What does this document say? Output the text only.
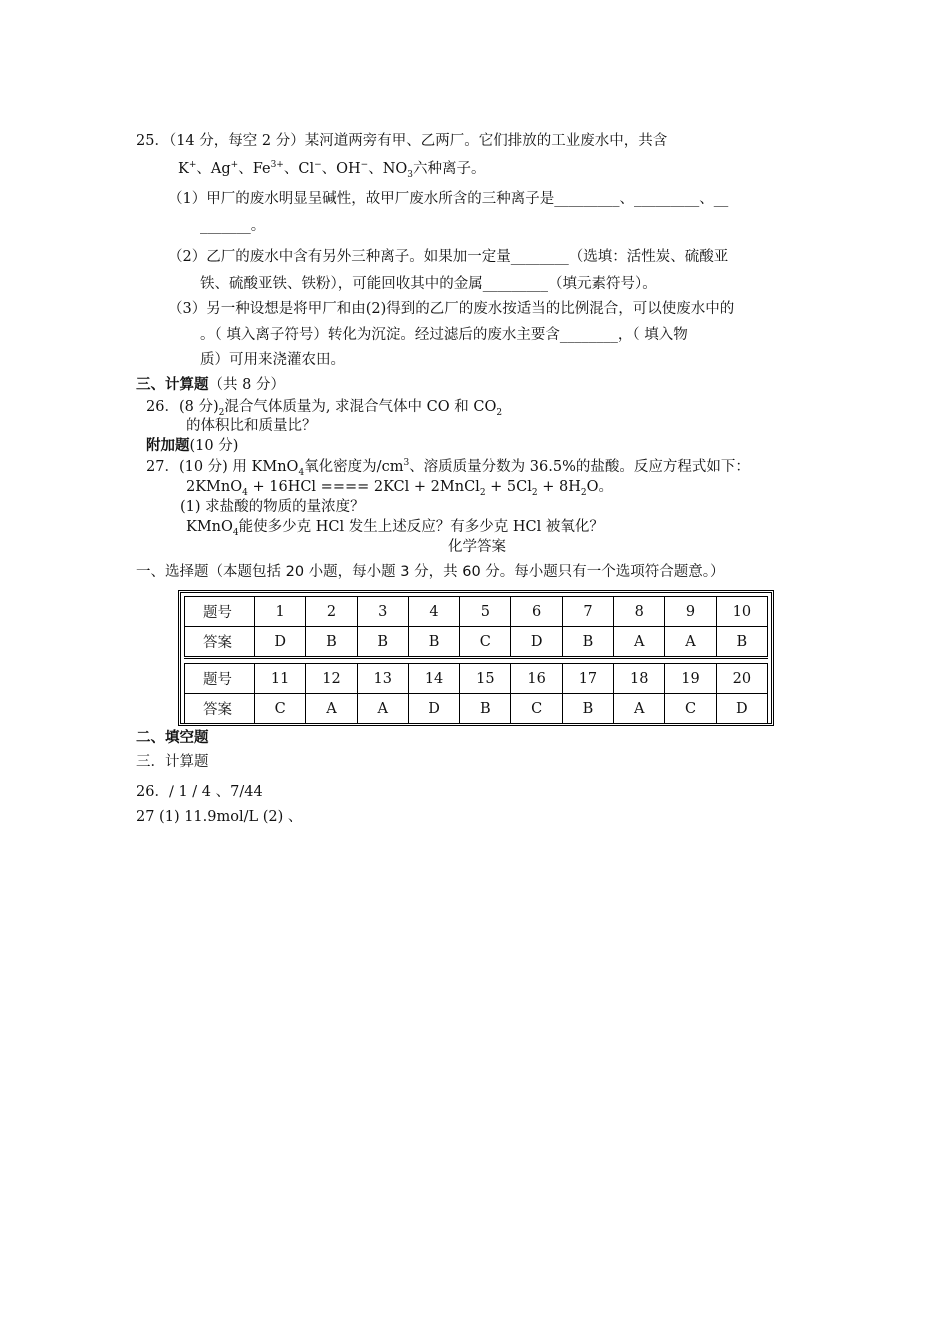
25．（14 分，每空 2 分）某河道两旁有甲、乙两厂。它们排放的工业废水中，共含
K+、Ag+、$Fe^{3+}$、Cl−、OH−、$NO_3$六种离子。
（1）甲厂的废水明显呈碱性，故甲厂废水所含的三种离子是_________、_________、__
_______。
（2）乙厂的废水中含有另外三种离子。如果加一定量________（选填：活性炭、硫酸亚
铁、硫酸亚铁、铁粉），可能回收其中的金属_________（填元素符号）。
（3）另一种设想是将甲厂和由(2)得到的乙厂的废水按适当的比例混合，可以使废水中的
。（ 填入离子符号）转化为沉淀。经过滤后的废水主要含________，（ 填入物
质）可用来浇灌农田。
三、计算题（共 8 分）
26．(8 分)$_2$混合气体质量为, 求混合气体中 CO 和 $CO_2$
的体积比和质量比？
附加题(10 分)
27．(10 分) 用 KMnO$_4$氧化密度为$/cm^3$、溶质质量分数为 36.5%的盐酸。反应方程式如下：
2KMnO$_4$ + 16HCl ==== 2KCl + 2MnCl$_2$ + $5Cl_2 + 8H_2O$。
(1) 求盐酸的物质的量浓度？
KMnO$_4$能使多少克 HCl 发生上述反应？有多少克 HCl 被氧化？
化学答案
一、选择题（本题包括 20 小题，每小题 3 分，共 60 分。每小题只有一个选项符合题意。）
题号	1	2	3	4	5	6	7	8	9	10
答案	D	B	B	B	C	D	B	A	A	B

题号	11	12	13	14	15	16	17	18	19	20
答案	C	A	A	D	B	C	B	A	C	D
二、填空题
三．计算题
26．∕ 1 / 4 、7/44
27 (1) 11.9mol/L (2) 、
